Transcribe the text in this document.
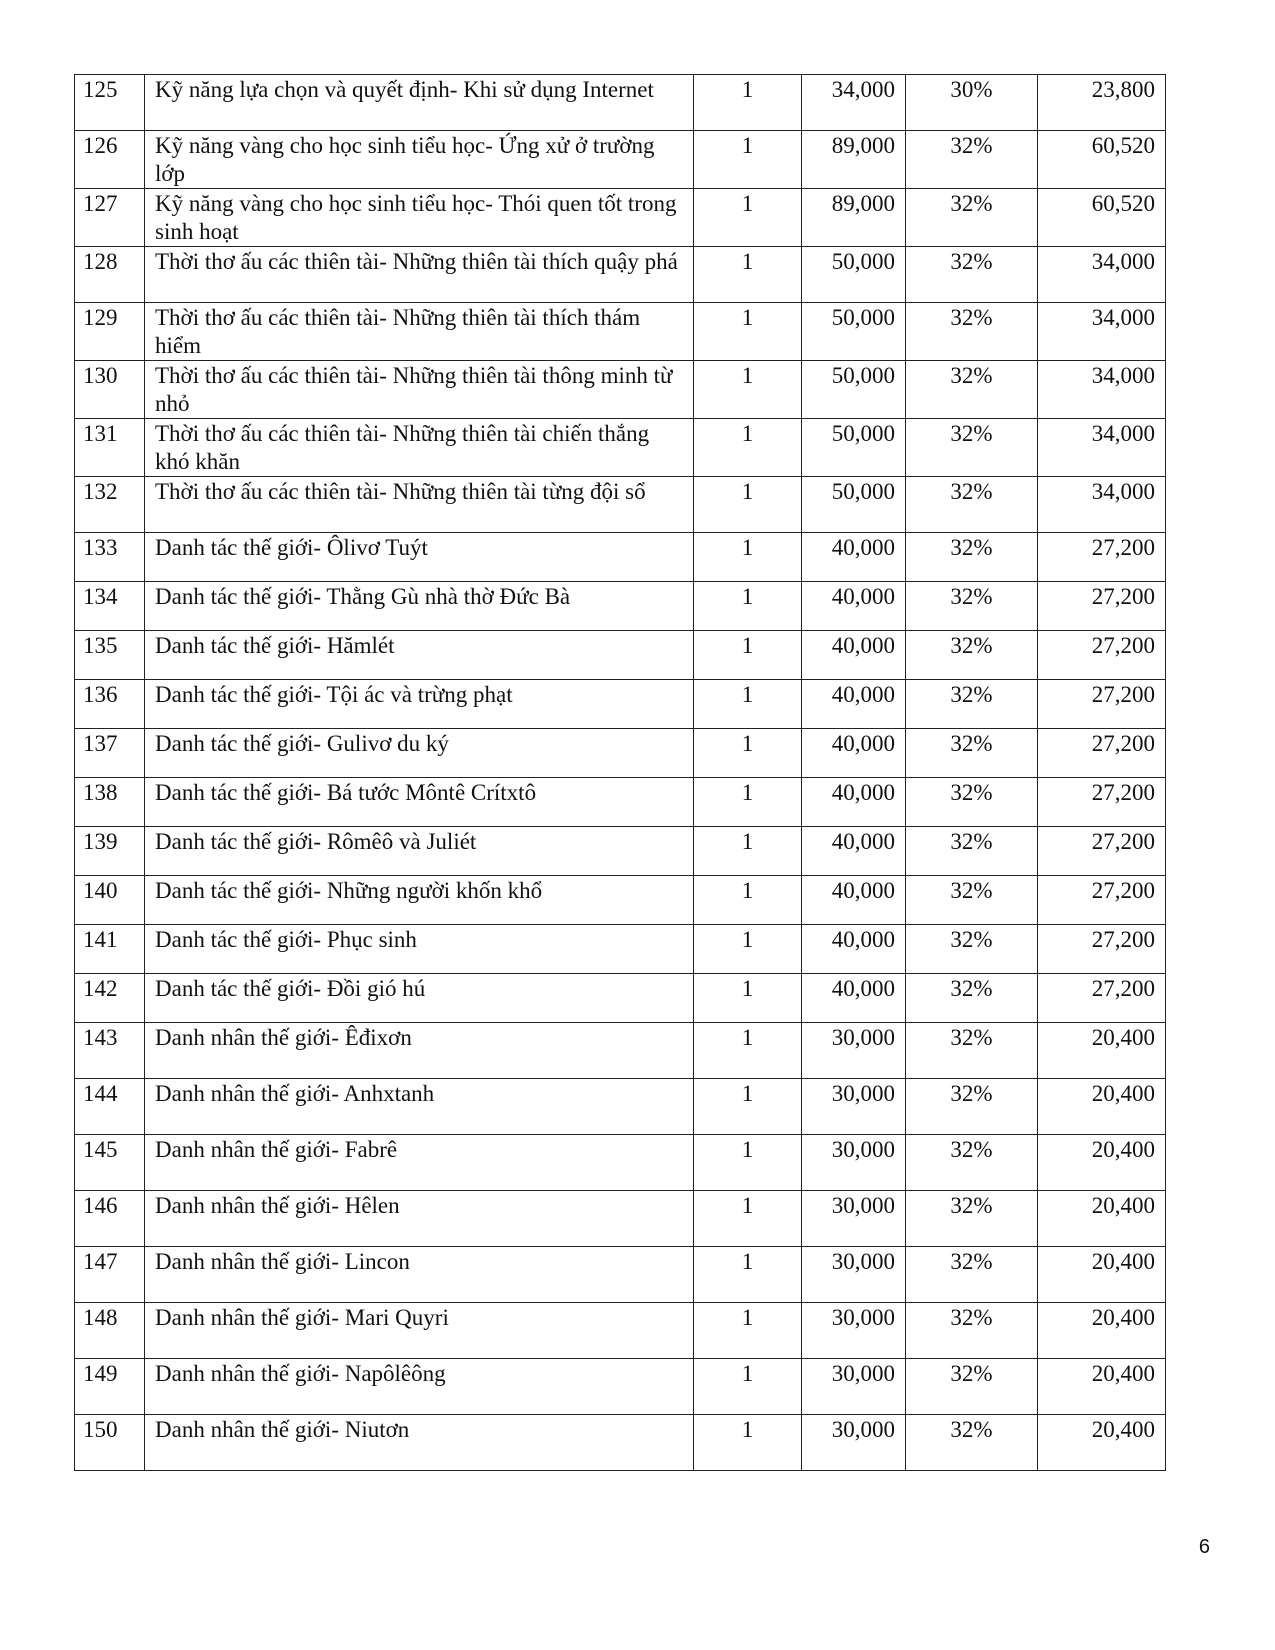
125	Kỹ năng lựa chọn và quyết định- Khi sử dụng Internet	1	34,000	30%	23,800
126	Kỹ năng vàng cho học sinh tiểu học- Ứng xử ở trường lớp	1	89,000	32%	60,520
127	Kỹ năng vàng cho học sinh tiểu học- Thói quen tốt trong sinh hoạt	1	89,000	32%	60,520
128	Thời thơ ấu các thiên tài- Những thiên tài thích quậy phá	1	50,000	32%	34,000
129	Thời thơ ấu các thiên tài- Những thiên tài thích thám hiểm	1	50,000	32%	34,000
130	Thời thơ ấu các thiên tài- Những thiên tài thông minh từ nhỏ	1	50,000	32%	34,000
131	Thời thơ ấu các thiên tài- Những thiên tài chiến thắng khó khăn	1	50,000	32%	34,000
132	Thời thơ ấu các thiên tài- Những thiên tài từng đội sổ	1	50,000	32%	34,000
133	Danh tác thế giới- Ôlivơ Tuýt	1	40,000	32%	27,200
134	Danh tác thế giới- Thằng Gù nhà thờ Đức Bà	1	40,000	32%	27,200
135	Danh tác thế giới- Hămlét	1	40,000	32%	27,200
136	Danh tác thế giới- Tội ác và trừng phạt	1	40,000	32%	27,200
137	Danh tác thế giới- Gulivơ du ký	1	40,000	32%	27,200
138	Danh tác thế giới- Bá tước Môntê Crítxtô	1	40,000	32%	27,200
139	Danh tác thế giới- Rômêô và Juliét	1	40,000	32%	27,200
140	Danh tác thế giới- Những người khốn khổ	1	40,000	32%	27,200
141	Danh tác thế giới- Phục sinh	1	40,000	32%	27,200
142	Danh tác thế giới- Đồi gió hú	1	40,000	32%	27,200
143	Danh nhân thế giới- Êđixơn	1	30,000	32%	20,400
144	Danh nhân thế giới- Anhxtanh	1	30,000	32%	20,400
145	Danh nhân thế giới- Fabrê	1	30,000	32%	20,400
146	Danh nhân thế giới- Hêlen	1	30,000	32%	20,400
147	Danh nhân thế giới- Lincon	1	30,000	32%	20,400
148	Danh nhân thế giới- Mari Quyri	1	30,000	32%	20,400
149	Danh nhân thế giới- Napôlêông	1	30,000	32%	20,400
150	Danh nhân thế giới- Niutơn	1	30,000	32%	20,400
6
